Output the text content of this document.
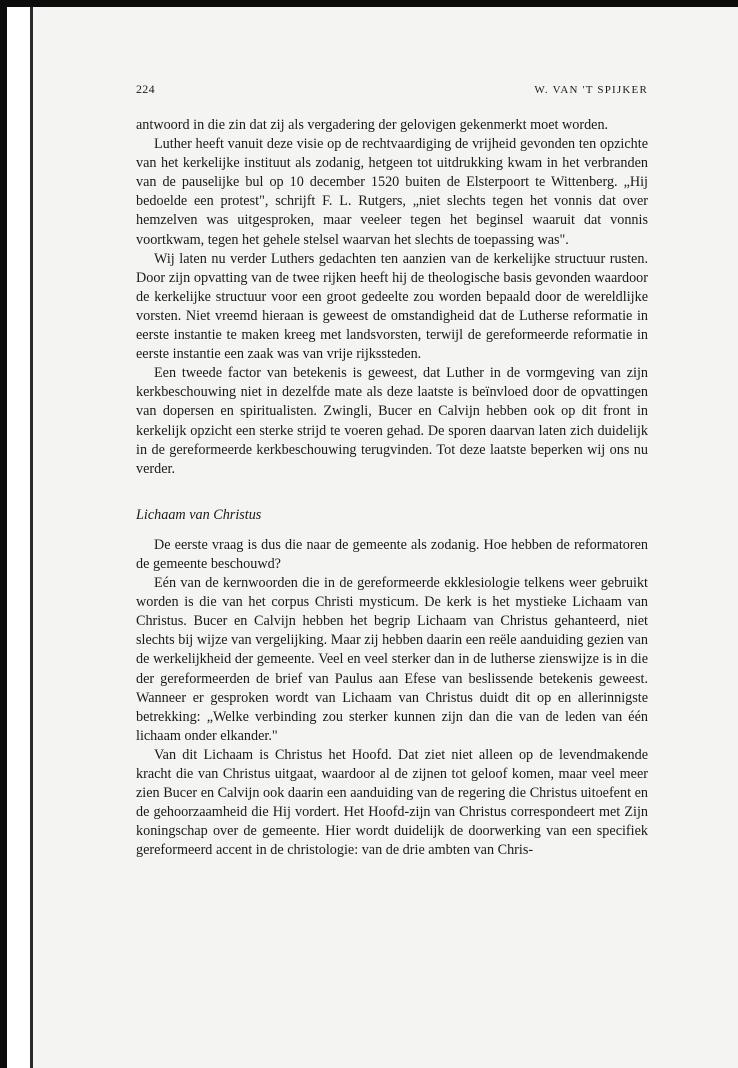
224	W. VAN 'T SPIJKER

antwoord in die zin dat zij als vergadering der gelovigen gekenmerkt moet worden.

Luther heeft vanuit deze visie op de rechtvaardiging de vrijheid gevonden ten opzichte van het kerkelijke instituut als zodanig, hetgeen tot uitdrukking kwam in het verbranden van de pauselijke bul op 10 december 1520 buiten de Elsterpoort te Wittenberg. „Hij bedoelde een protest", schrijft F. L. Rutgers, „niet slechts tegen het vonnis dat over hemzelven was uitgesproken, maar veeleer tegen het beginsel waaruit dat vonnis voortkwam, tegen het gehele stelsel waarvan het slechts de toepassing was".

Wij laten nu verder Luthers gedachten ten aanzien van de kerkelijke structuur rusten. Door zijn opvatting van de twee rijken heeft hij de theologische basis gevonden waardoor de kerkelijke structuur voor een groot gedeelte zou worden bepaald door de wereldlijke vorsten. Niet vreemd hieraan is geweest de omstandigheid dat de Lutherse reformatie in eerste instantie te maken kreeg met landsvorsten, terwijl de gereformeerde reformatie in eerste instantie een zaak was van vrije rijkssteden.

Een tweede factor van betekenis is geweest, dat Luther in de vormgeving van zijn kerkbeschouwing niet in dezelfde mate als deze laatste is beïnvloed door de opvattingen van dopersen en spiritualisten. Zwingli, Bucer en Calvijn hebben ook op dit front in kerkelijk opzicht een sterke strijd te voeren gehad. De sporen daarvan laten zich duidelijk in de gereformeerde kerkbeschouwing terugvinden. Tot deze laatste beperken wij ons nu verder.

Lichaam van Christus

De eerste vraag is dus die naar de gemeente als zodanig. Hoe hebben de reformatoren de gemeente beschouwd?

Eén van de kernwoorden die in de gereformeerde ekklesiologie telkens weer gebruikt worden is die van het corpus Christi mysticum. De kerk is het mystieke Lichaam van Christus. Bucer en Calvijn hebben het begrip Lichaam van Christus gehanteerd, niet slechts bij wijze van vergelijking. Maar zij hebben daarin een reële aanduiding gezien van de werkelijkheid der gemeente. Veel en veel sterker dan in de lutherse zienswijze is in die der gereformeerden de brief van Paulus aan Efese van beslissende betekenis geweest. Wanneer er gesproken wordt van Lichaam van Christus duidt dit op en allerinnigste betrekking: „Welke verbinding zou sterker kunnen zijn dan die van de leden van één lichaam onder elkander."

Van dit Lichaam is Christus het Hoofd. Dat ziet niet alleen op de levendmakende kracht die van Christus uitgaat, waardoor al de zijnen tot geloof komen, maar veel meer zien Bucer en Calvijn ook daarin een aanduiding van de regering die Christus uitoefent en de gehoorzaamheid die Hij vordert. Het Hoofd-zijn van Christus correspondeert met Zijn koningschap over de gemeente. Hier wordt duidelijk de doorwerking van een specifiek gereformeerd accent in de christologie: van de drie ambten van Chris-
